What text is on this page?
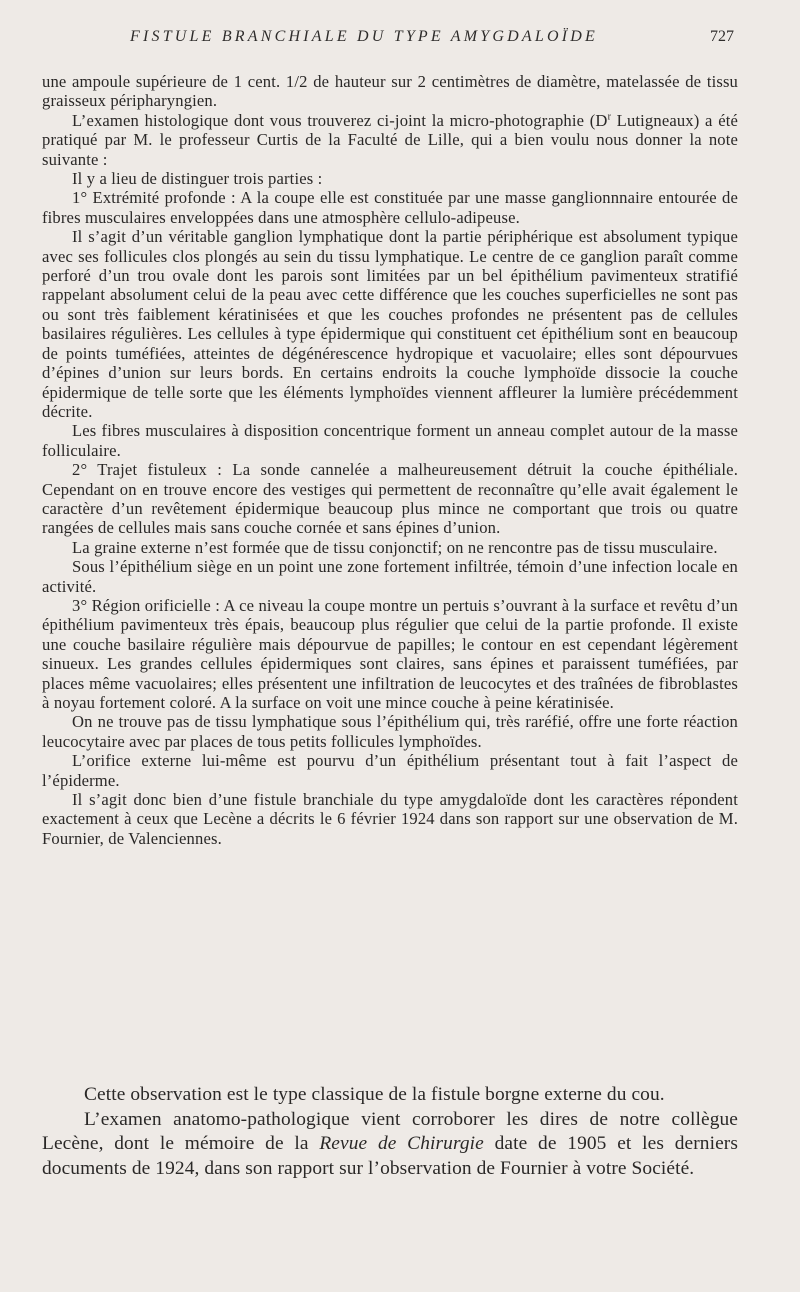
FISTULE BRANCHIALE DU TYPE AMYGDALOÏDE	727

une ampoule supérieure de 1 cent. 1/2 de hauteur sur 2 centimètres de diamètre, matelassée de tissu graisseux péripharyngien.

L’examen histologique dont vous trouverez ci-joint la micro-photographie ($D^r$ Lutigneaux) a été pratiqué par M. le professeur Curtis de la Faculté de Lille, qui a bien voulu nous donner la note suivante :

Il y a lieu de distinguer trois parties :

1° Extrémité profonde : A la coupe elle est constituée par une masse ganglionnnaire entourée de fibres musculaires enveloppées dans une atmosphère cellulo-adipeuse.

Il s’agit d’un véritable ganglion lymphatique dont la partie périphérique est absolument typique avec ses follicules clos plongés au sein du tissu lymphatique. Le centre de ce ganglion paraît comme perforé d’un trou ovale dont les parois sont limitées par un bel épithélium pavimenteux stratifié rappelant absolument celui de la peau avec cette différence que les couches superficielles ne sont pas ou sont très faiblement kératinisées et que les couches profondes ne présentent pas de cellules basilaires régulières. Les cellules à type épidermique qui constituent cet épithélium sont en beaucoup de points tuméfiées, atteintes de dégénérescence hydropique et vacuolaire; elles sont dépourvues d’épines d’union sur leurs bords. En certains endroits la couche lymphoïde dissocie la couche épidermique de telle sorte que les éléments lymphoïdes viennent affleurer la lumière précédemment décrite.

Les fibres musculaires à disposition concentrique forment un anneau complet autour de la masse folliculaire.

2° Trajet fistuleux : La sonde cannelée a malheureusement détruit la couche épithéliale. Cependant on en trouve encore des vestiges qui permettent de reconnaître qu’elle avait également le caractère d’un revêtement épidermique beaucoup plus mince ne comportant que trois ou quatre rangées de cellules mais sans couche cornée et sans épines d’union.

La graine externe n’est formée que de tissu conjonctif; on ne rencontre pas de tissu musculaire.

Sous l’épithélium siège en un point une zone fortement infiltrée, témoin d’une infection locale en activité.

3° Région orificielle : A ce niveau la coupe montre un pertuis s’ouvrant à la surface et revêtu d’un épithélium pavimenteux très épais, beaucoup plus régulier que celui de la partie profonde. Il existe une couche basilaire régulière mais dépourvue de papilles; le contour en est cependant légèrement sinueux. Les grandes cellules épidermiques sont claires, sans épines et paraissent tuméfiées, par places même vacuolaires; elles présentent une infiltration de leucocytes et des traînées de fibroblastes à noyau fortement coloré. A la surface on voit une mince couche à peine kératinisée.

On ne trouve pas de tissu lymphatique sous l’épithélium qui, très raréfié, offre une forte réaction leucocytaire avec par places de tous petits follicules lymphoïdes.

L’orifice externe lui-même est pourvu d’un épithélium présentant tout à fait l’aspect de l’épiderme.

Il s’agit donc bien d’une fistule branchiale du type amygdaloïde dont les caractères répondent exactement à ceux que Lecène a décrits le 6 février 1924 dans son rapport sur une observation de M. Fournier, de Valenciennes.

Cette observation est le type classique de la fistule borgne externe du cou.

L’examen anatomo-pathologique vient corroborer les dires de notre collègue Lecène, dont le mémoire de la Revue de Chirurgie date de 1905 et les derniers documents de 1924, dans son rapport sur l’observation de Fournier à votre Société.
